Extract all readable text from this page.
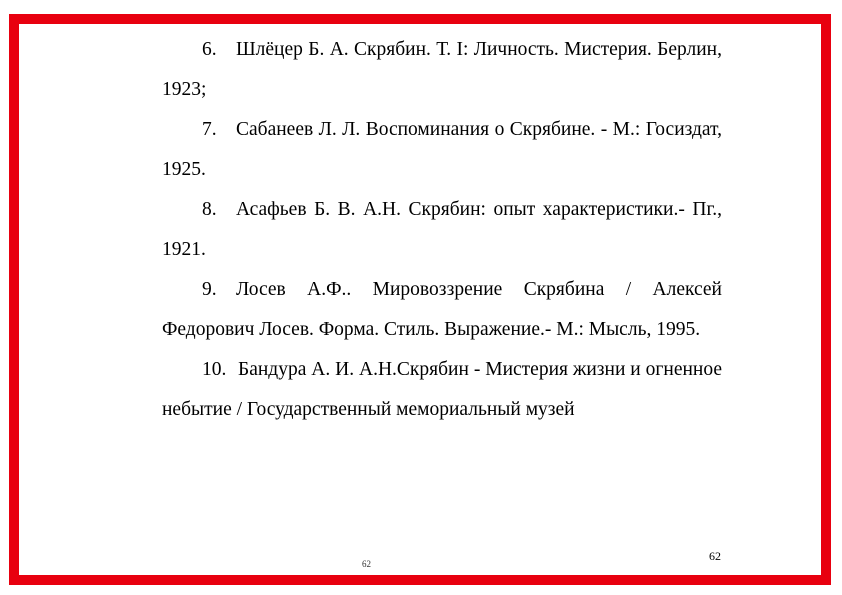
6. Шлёцер Б. А. Скрябин. Т. I: Личность. Мистерия. Берлин, 1923;

7. Сабанеев Л. Л. Воспоминания о Скрябине. - М.: Госиздат, 1925.

8. Асафьев Б. В. А.Н. Скрябин: опыт характеристики.- Пг., 1921.

9. Лосев А.Ф.. Мировоззрение Скрябина / Алексей Федорович Лосев. Форма. Стиль. Выражение.- М.: Мысль, 1995.

10. Бандура А. И. А.Н.Скрябин - Мистерия жизни и огненное небытие / Государственный мемориальный музей

62
62
